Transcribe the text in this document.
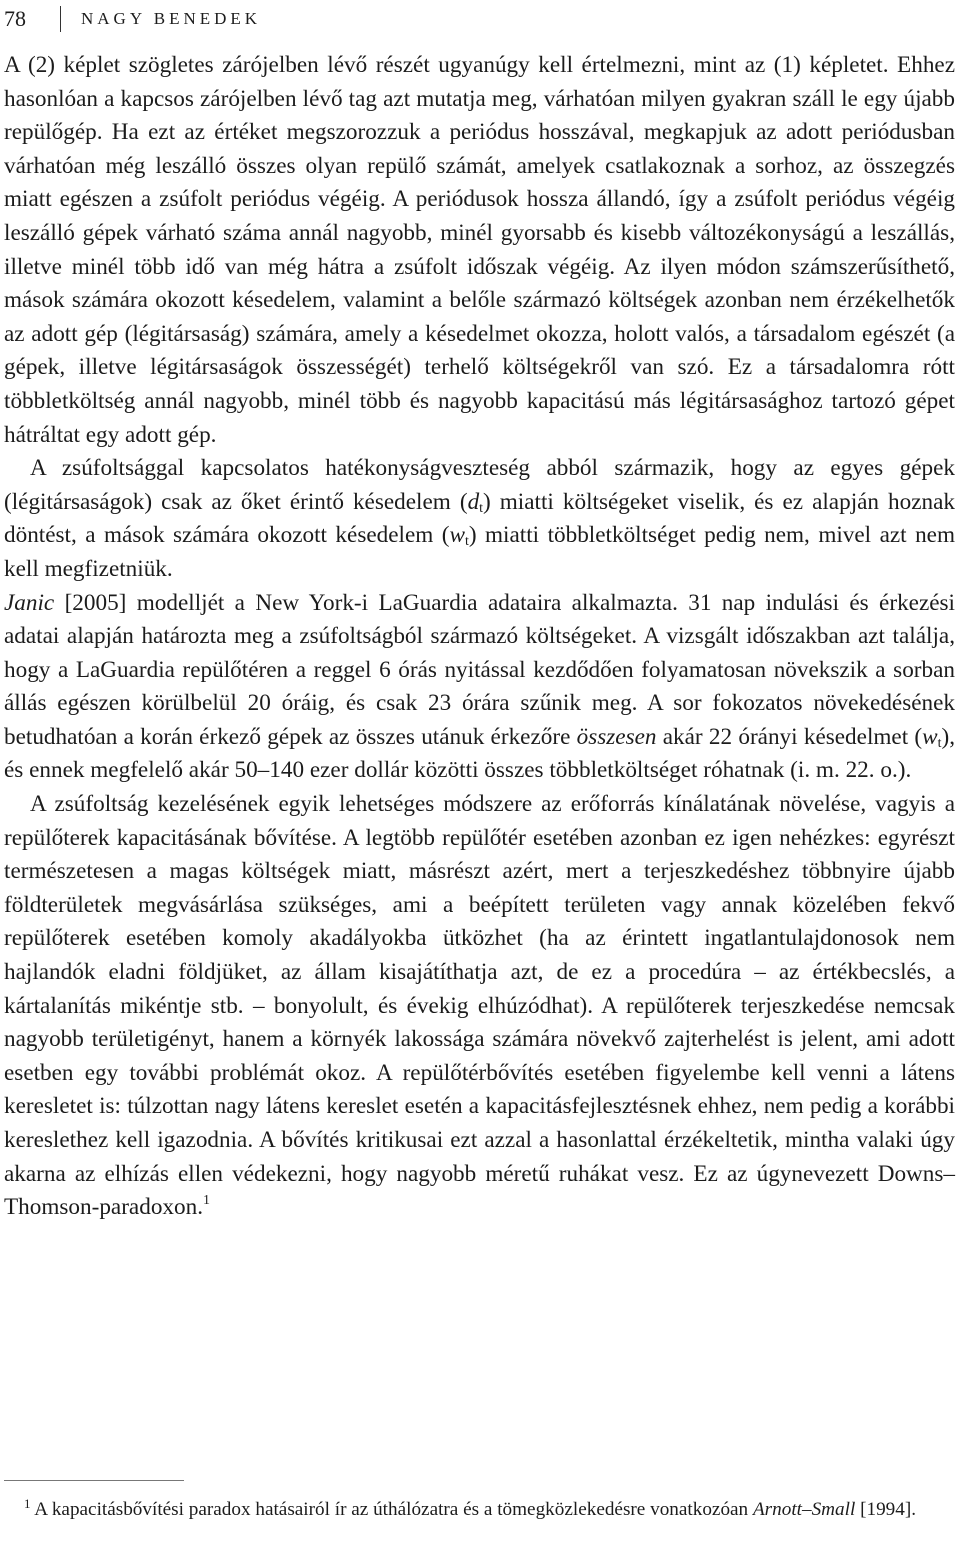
78	NAGY BENEDEK

A (2) képlet szögletes zárójelben lévő részét ugyanúgy kell értelmezni, mint az (1) képletet. Ehhez hasonlóan a kapcsos zárójelben lévő tag azt mutatja meg, várhatóan milyen gyakran száll le egy újabb repülőgép. Ha ezt az értéket megszorozzuk a periódus hosszával, megkapjuk az adott periódusban várhatóan még leszálló összes olyan repülő számát, amelyek csatlakoznak a sorhoz, az összegzés miatt egészen a zsúfolt periódus végéig. A periódusok hossza állandó, így a zsúfolt periódus végéig leszálló gépek várható száma annál nagyobb, minél gyorsabb és kisebb változékonyságú a leszállás, illetve minél több idő van még hátra a zsúfolt időszak végéig. Az ilyen módon számszerűsíthető, mások számára okozott késedelem, valamint a belőle származó költségek azonban nem érzékelhetők az adott gép (légitársaság) számára, amely a késedelmet okozza, holott valós, a társadalom egészét (a gépek, illetve légitársaságok összességét) terhelő költségekről van szó. Ez a társadalomra rótt többletköltség annál nagyobb, minél több és nagyobb kapacitású más légitársasághoz tartozó gépet hátráltat egy adott gép.

A zsúfoltsággal kapcsolatos hatékonyságveszteség abból származik, hogy az egyes gépek (légitársaságok) csak az őket érintő késedelem $(d_t)$ miatti költségeket viselik, és ez alapján hoznak döntést, a mások számára okozott késedelem $(w_t)$ miatti többletköltséget pedig nem, mivel azt nem kell megfizetniük.

Janic [2005] modelljét a New York-i LaGuardia adataira alkalmazta. 31 nap indulási és érkezési adatai alapján határozta meg a zsúfoltságból származó költségeket. A vizsgált időszakban azt találja, hogy a LaGuardia repülőtéren a reggel 6 órás nyitással kezdődően folyamatosan növekszik a sorban állás egészen körülbelül 20 óráig, és csak 23 órára szűnik meg. A sor fokozatos növekedésének betudhatóan a korán érkező gépek az összes utánuk érkezőre összesen akár 22 órányi késedelmet $(w_t)$, és ennek megfelelő akár 50–140 ezer dollár közötti összes többletköltséget róhatnak (i. m. 22. o.).

A zsúfoltság kezelésének egyik lehetséges módszere az erőforrás kínálatának növelése, vagyis a repülőterek kapacitásának bővítése. A legtöbb repülőtér esetében azonban ez igen nehézkes: egyrészt természetesen a magas költségek miatt, másrészt azért, mert a terjeszkedéshez többnyire újabb földterületek megvásárlása szükséges, ami a beépített területen vagy annak közelében fekvő repülőterek esetében komoly akadályokba ütközhet (ha az érintett ingatlantulajdonosok nem hajlandók eladni földjüket, az állam kisajátíthatja azt, de ez a procedúra – az értékbecslés, a kártalanítás mikéntje stb. – bonyolult, és évekig elhúzódhat). A repülőterek terjeszkedése nemcsak nagyobb területigényt, hanem a környék lakossága számára növekvő zajterhelést is jelent, ami adott esetben egy további problémát okoz. A repülőtérbővítés esetében figyelembe kell venni a látens keresletet is: túlzottan nagy látens kereslet esetén a kapacitásfejlesztésnek ehhez, nem pedig a korábbi kereslethez kell igazodnia. A bővítés kritikusai ezt azzal a hasonlattal érzékeltetik, mintha valaki úgy akarna az elhízás ellen védekezni, hogy nagyobb méretű ruhákat vesz. Ez az úgynevezett Downs–Thomson-paradoxon.$^1$

$^1$ A kapacitásbővítési paradox hatásairól ír az úthálózatra és a tömegközlekedésre vonatkozóan Arnott–Small [1994].
